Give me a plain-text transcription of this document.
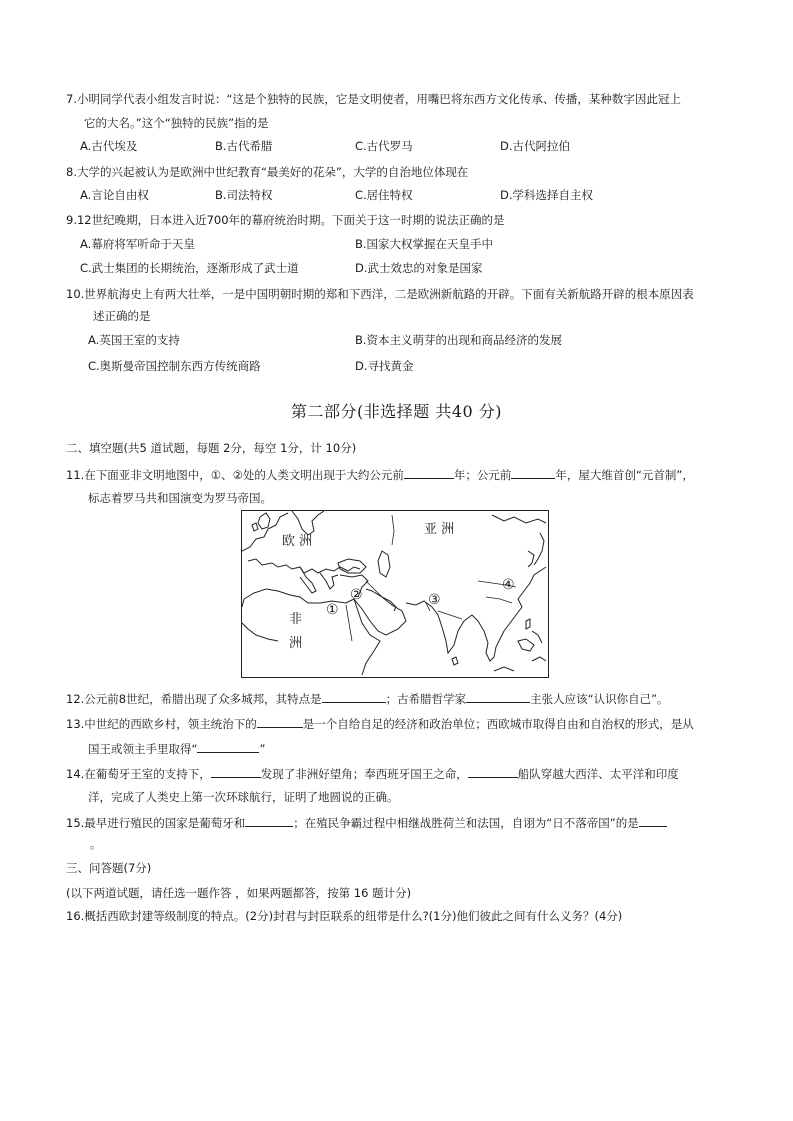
7.小明同学代表小组发言时说：“这是个独特的民族，它是文明使者，用嘴巴将东西方文化传承、传播，某种数字因此冠上
它的大名。”这个“独特的民族”指的是
A.古代埃及	B.古代希腊	C.古代罗马	D.古代阿拉伯
8.大学的兴起被认为是欧洲中世纪教育“最美好的花朵”，大学的自治地位体现在
A.言论自由权	B.司法特权	C.居住特权	D.学科选择自主权
9.12世纪晚期，日本进入近700年的幕府统治时期。下面关于这一时期的说法正确的是
A.幕府将军听命于天皇	B.国家大权掌握在天皇手中
C.武士集团的长期统治，逐渐形成了武士道	D.武士效忠的对象是国家
10.世界航海史上有两大壮举，一是中国明朝时期的郑和下西洋，二是欧洲新航路的开辟。下面有关新航路开辟的根本原因表
述正确的是
A.英国王室的支持	B.资本主义萌芽的出现和商品经济的发展
C.奥斯曼帝国控制东西方传统商路	D.寻找黄金
第二部分(非选择题 共40 分)
二、填空题(共5 道试题，每题 2分，每空 1分，计 10分)
11.在下面亚非文明地图中，①、②处的人类文明出现于大约公元前	年；公元前	年，屋大维首创“元首制”，
标志着罗马共和国演变为罗马帝国。
欧 洲
亚 洲
非
洲
①
②	③
④
12.公元前8世纪，希腊出现了众多城邦，其特点是	；古希腊哲学家	主张人应该“认识你自己”。
13.中世纪的西欧乡村，领主统治下的	是一个自给自足的经济和政治单位；西欧城市取得自由和自治权的形式，是从
国王或领主手里取得“	”
14.在葡萄牙王室的支持下，	发现了非洲好望角；奉西班牙国王之命，	船队穿越大西洋、太平洋和印度
洋，完成了人类史上第一次环球航行，证明了地圆说的正确。
15.最早进行殖民的国家是葡萄牙和	；在殖民争霸过程中相继战胜荷兰和法国，自诩为“日不落帝国”的是
。
三、问答题(7分)
(以下两道试题，请任选一题作答 ，如果两题都答，按第 16 题计分)
16.概括西欧封建等级制度的特点。(2分)封君与封臣联系的纽带是什么?(1分)他们彼此之间有什么义务？(4分)
